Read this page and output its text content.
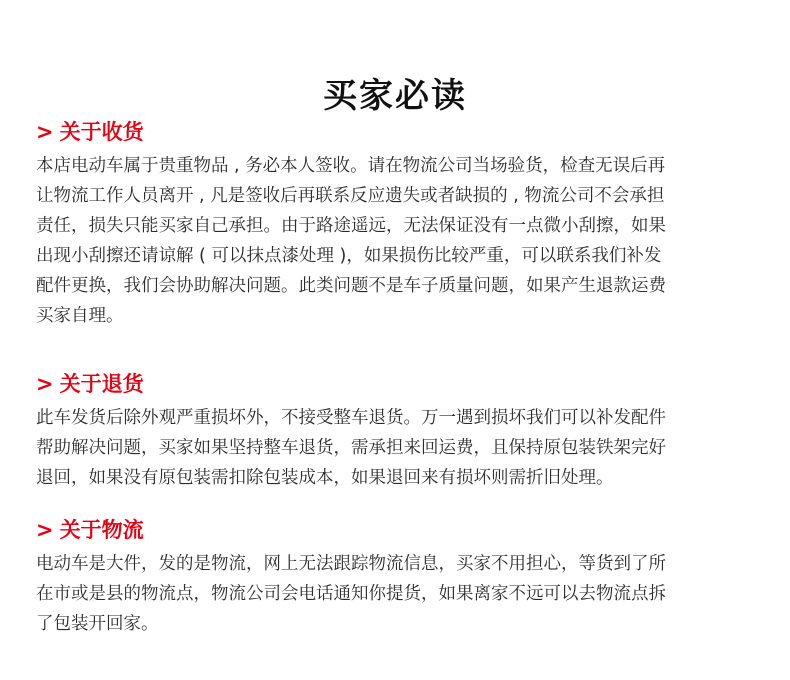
买家必读
> 关于收货

本店电动车属于贵重物品 , 务必本人签收。请在物流公司当场验货，检查无误后再
让物流工作人员离开 , 凡是签收后再联系反应遗失或者缺损的 , 物流公司不会承担
责任，损失只能买家自己承担。由于路途遥远，无法保证没有一点微小刮擦，如果
出现小刮擦还请谅解 ( 可以抹点漆处理 )，如果损伤比较严重，可以联系我们补发
配件更换，我们会协助解决问题。此类问题不是车子质量问题，如果产生退款运费
买家自理。

> 关于退货

此车发货后除外观严重损坏外，不接受整车退货。万一遇到损坏我们可以补发配件
帮助解决问题，买家如果坚持整车退货，需承担来回运费，且保持原包装铁架完好
退回，如果没有原包装需扣除包装成本，如果退回来有损坏则需折旧处理。

> 关于物流

电动车是大件，发的是物流，网上无法跟踪物流信息，买家不用担心，等货到了所
在市或是县的物流点，物流公司会电话通知你提货，如果离家不远可以去物流点拆
了包装开回家。
